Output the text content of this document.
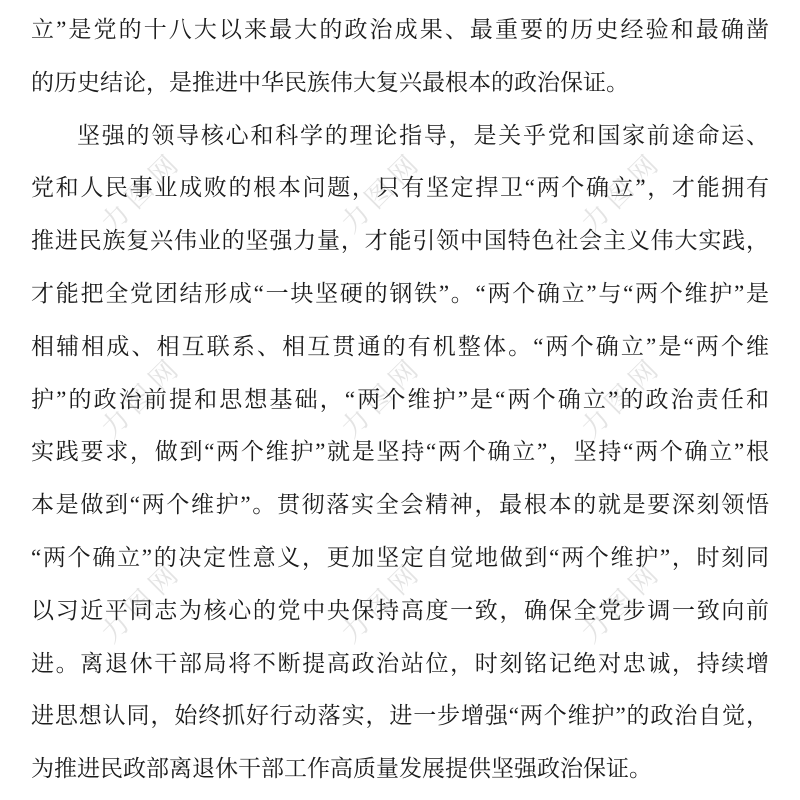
力图网	力图网	力图网
力图网	力图网	力图网
力图网	力图网	力图网
立”是党的十八大以来最大的政治成果、最重要的历史经验和最确凿
的历史结论，是推进中华民族伟大复兴最根本的政治保证。
坚强的领导核心和科学的理论指导，是关乎党和国家前途命运、
党和人民事业成败的根本问题，只有坚定捍卫“两个确立”，才能拥有
推进民族复兴伟业的坚强力量，才能引领中国特色社会主义伟大实践，
才能把全党团结形成“一块坚硬的钢铁”。“两个确立”与“两个维护”是
相辅相成、相互联系、相互贯通的有机整体。“两个确立”是“两个维
护”的政治前提和思想基础，“两个维护”是“两个确立”的政治责任和
实践要求，做到“两个维护”就是坚持“两个确立”，坚持“两个确立”根
本是做到“两个维护”。贯彻落实全会精神，最根本的就是要深刻领悟
“两个确立”的决定性意义，更加坚定自觉地做到“两个维护”，时刻同
以习近平同志为核心的党中央保持高度一致，确保全党步调一致向前
进。离退休干部局将不断提高政治站位，时刻铭记绝对忠诚，持续增
进思想认同，始终抓好行动落实，进一步增强“两个维护”的政治自觉，
为推进民政部离退休干部工作高质量发展提供坚强政治保证。
